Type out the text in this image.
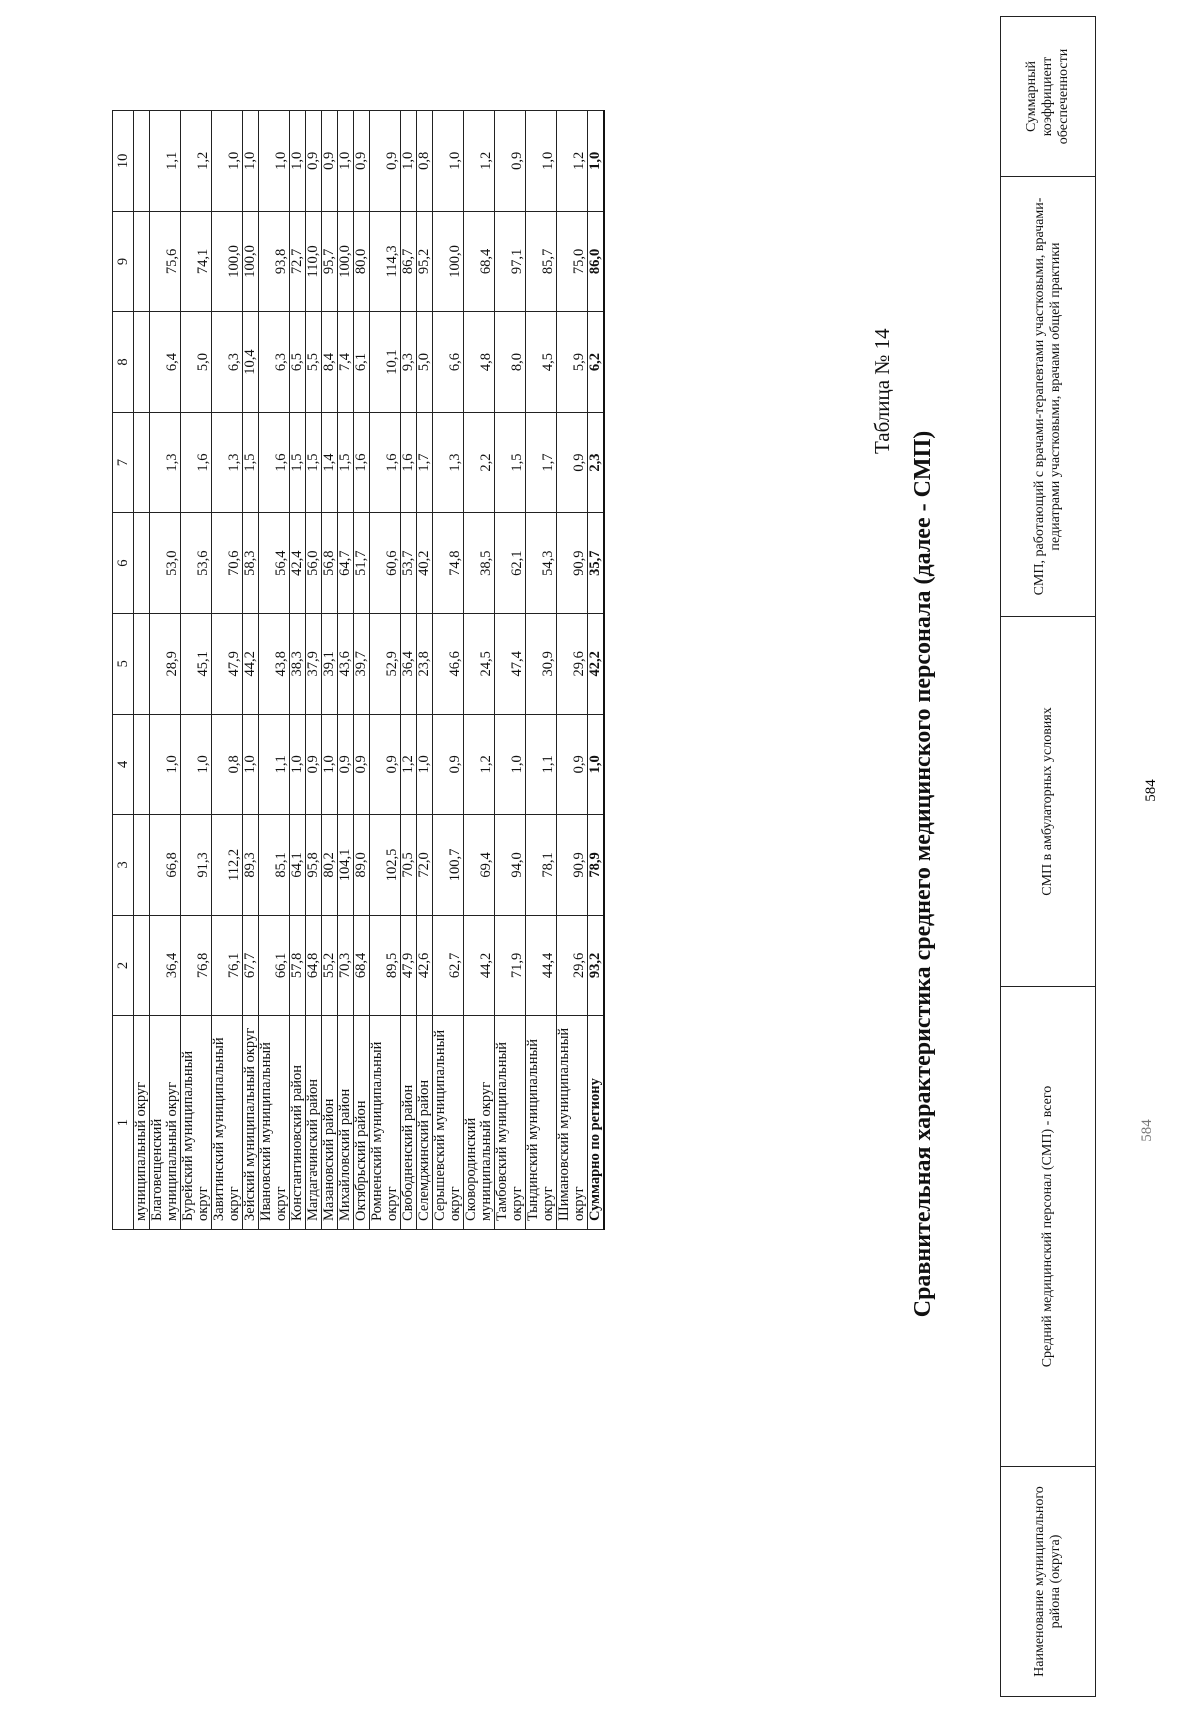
1	2	3	4	5	6	7	8	9	10
муниципальный округ									
Благовещенский муниципальный округ	36,4	66,8	1,0	28,9	53,0	1,3	6,4	75,6	1,1
Бурейский муниципальный округ	76,8	91,3	1,0	45,1	53,6	1,6	5,0	74,1	1,2
Завитинский муниципальный округ	76,1	112,2	0,8	47,9	70,6	1,3	6,3	100,0	1,0
Зейский муниципальный округ	67,7	89,3	1,0	44,2	58,3	1,5	10,4	100,0	1,0
Ивановский муниципальный округ	66,1	85,1	1,1	43,8	56,4	1,6	6,3	93,8	1,0
Константиновский район	57,8	64,1	1,0	38,3	42,4	1,5	6,5	72,7	1,0
Магдагачинский район	64,8	95,8	0,9	37,9	56,0	1,5	5,5	110,0	0,9
Мазановский район	55,2	80,2	1,0	39,1	56,8	1,4	8,4	95,7	0,9
Михайловский район	70,3	104,1	0,9	43,6	64,7	1,5	7,4	100,0	1,0
Октябрьский район	68,4	89,0	0,9	39,7	51,7	1,6	6,1	80,0	0,9
Ромненский муниципальный округ	89,5	102,5	0,9	52,9	60,6	1,6	10,1	114,3	0,9
Свободненский район	47,9	70,5	1,2	36,4	53,7	1,6	9,3	86,7	1,0
Селемджинский район	42,6	72,0	1,0	23,8	40,2	1,7	5,0	95,2	0,8
Серышевский муниципальный округ	62,7	100,7	0,9	46,6	74,8	1,3	6,6	100,0	1,0
Сковородинский муниципальный округ	44,2	69,4	1,2	24,5	38,5	2,2	4,8	68,4	1,2
Тамбовский муниципальный округ	71,9	94,0	1,0	47,4	62,1	1,5	8,0	97,1	0,9
Тындинский муниципальный округ	44,4	78,1	1,1	30,9	54,3	1,7	4,5	85,7	1,0
Шимановский муниципальный округ	29,6	90,9	0,9	29,6	90,9	0,9	5,9	75,0	1,2
Суммарно по региону	93,2	78,9	1,0	42,2	35,7	2,3	6,2	86,0	1,0
Таблица № 14
Сравнительная характеристика среднего медицинского персонала (далее - СМП)
Наименование муниципального района (округа)	Средний медицинский персонал (СМП) - всего	СМП в амбулаторных условиях	СМП, работающий с врачами-терапевтами участковыми, врачами-педиатрами участковыми, врачами общей практики	Суммарный коэффициент обеспеченности
584
584
